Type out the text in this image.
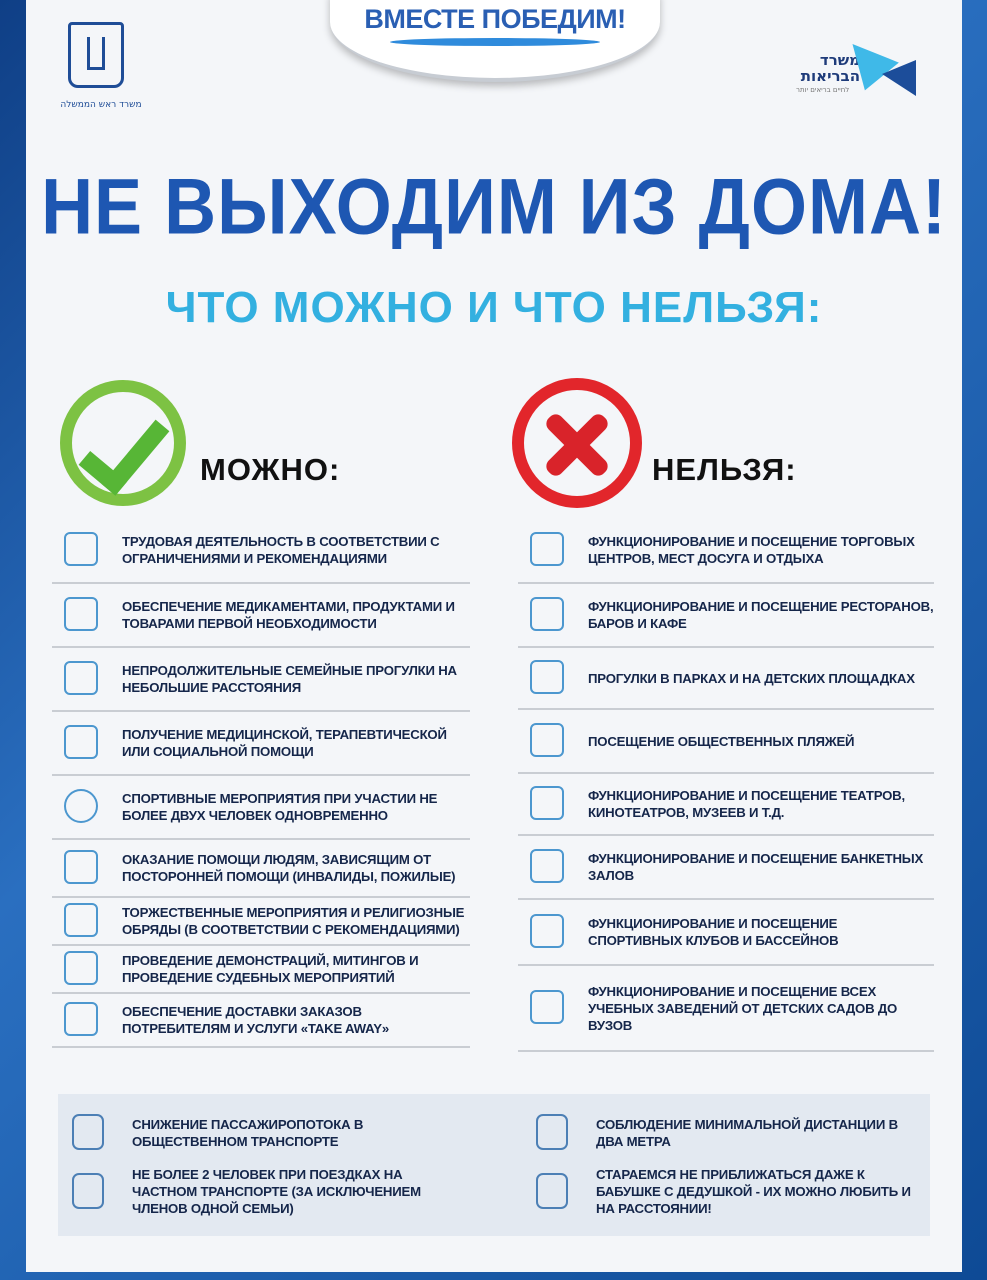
ВМЕСТЕ ПОБЕДИМ!
משרד ראש הממשלה
משרד
הבריאות
לחיים בריאים יותר
НЕ ВЫХОДИМ ИЗ ДОМА!
ЧТО МОЖНО И ЧТО НЕЛЬЗЯ:
МОЖНО:	НЕЛЬЗЯ:
ТРУДОВАЯ ДЕЯТЕЛЬНОСТЬ В СООТВЕТСТВИИ С ОГРАНИЧЕНИЯМИ И РЕКОМЕНДАЦИЯМИ
ОБЕСПЕЧЕНИЕ МЕДИКАМЕНТАМИ, ПРОДУКТАМИ И ТОВАРАМИ ПЕРВОЙ НЕОБХОДИМОСТИ
НЕПРОДОЛЖИТЕЛЬНЫЕ СЕМЕЙНЫЕ ПРОГУЛКИ НА НЕБОЛЬШИЕ РАССТОЯНИЯ
ПОЛУЧЕНИЕ МЕДИЦИНСКОЙ, ТЕРАПЕВТИЧЕСКОЙ ИЛИ СОЦИАЛЬНОЙ ПОМОЩИ
СПОРТИВНЫЕ МЕРОПРИЯТИЯ ПРИ УЧАСТИИ НЕ БОЛЕЕ ДВУХ ЧЕЛОВЕК ОДНОВРЕМЕННО
ОКАЗАНИЕ ПОМОЩИ ЛЮДЯМ, ЗАВИСЯЩИМ ОТ ПОСТОРОННЕЙ ПОМОЩИ (ИНВАЛИДЫ, ПОЖИЛЫЕ)
ТОРЖЕСТВЕННЫЕ МЕРОПРИЯТИЯ И РЕЛИГИОЗНЫЕ ОБРЯДЫ (В СООТВЕТСТВИИ С РЕКОМЕНДАЦИЯМИ)
ПРОВЕДЕНИЕ ДЕМОНСТРАЦИЙ, МИТИНГОВ И ПРОВЕДЕНИЕ СУДЕБНЫХ МЕРОПРИЯТИЙ
ОБЕСПЕЧЕНИЕ ДОСТАВКИ ЗАКАЗОВ ПОТРЕБИТЕЛЯМ И УСЛУГИ «TAKE AWAY»
ФУНКЦИОНИРОВАНИЕ И ПОСЕЩЕНИЕ ТОРГОВЫХ ЦЕНТРОВ, МЕСТ ДОСУГА И ОТДЫХА
ФУНКЦИОНИРОВАНИЕ И ПОСЕЩЕНИЕ РЕСТОРАНОВ, БАРОВ И КАФЕ
ПРОГУЛКИ В ПАРКАХ И НА ДЕТСКИХ ПЛОЩАДКАХ
ПОСЕЩЕНИЕ ОБЩЕСТВЕННЫХ ПЛЯЖЕЙ
ФУНКЦИОНИРОВАНИЕ И ПОСЕЩЕНИЕ ТЕАТРОВ, КИНОТЕАТРОВ, МУЗЕЕВ И Т.Д.
ФУНКЦИОНИРОВАНИЕ И ПОСЕЩЕНИЕ БАНКЕТНЫХ ЗАЛОВ
ФУНКЦИОНИРОВАНИЕ И ПОСЕЩЕНИЕ СПОРТИВНЫХ КЛУБОВ И БАССЕЙНОВ
ФУНКЦИОНИРОВАНИЕ И ПОСЕЩЕНИЕ ВСЕХ УЧЕБНЫХ ЗАВЕДЕНИЙ ОТ ДЕТСКИХ САДОВ ДО ВУЗОВ
СНИЖЕНИЕ ПАССАЖИРОПОТОКА В ОБЩЕСТВЕННОМ ТРАНСПОРТЕ
НЕ БОЛЕЕ 2 ЧЕЛОВЕК ПРИ ПОЕЗДКАХ НА ЧАСТНОМ ТРАНСПОРТЕ (ЗА ИСКЛЮЧЕНИЕМ ЧЛЕНОВ ОДНОЙ СЕМЬИ)
СОБЛЮДЕНИЕ МИНИМАЛЬНОЙ ДИСТАНЦИИ В ДВА МЕТРА
СТАРАЕМСЯ НЕ ПРИБЛИЖАТЬСЯ ДАЖЕ К БАБУШКЕ С ДЕДУШКОЙ - ИХ МОЖНО ЛЮБИТЬ И НА РАССТОЯНИИ!
